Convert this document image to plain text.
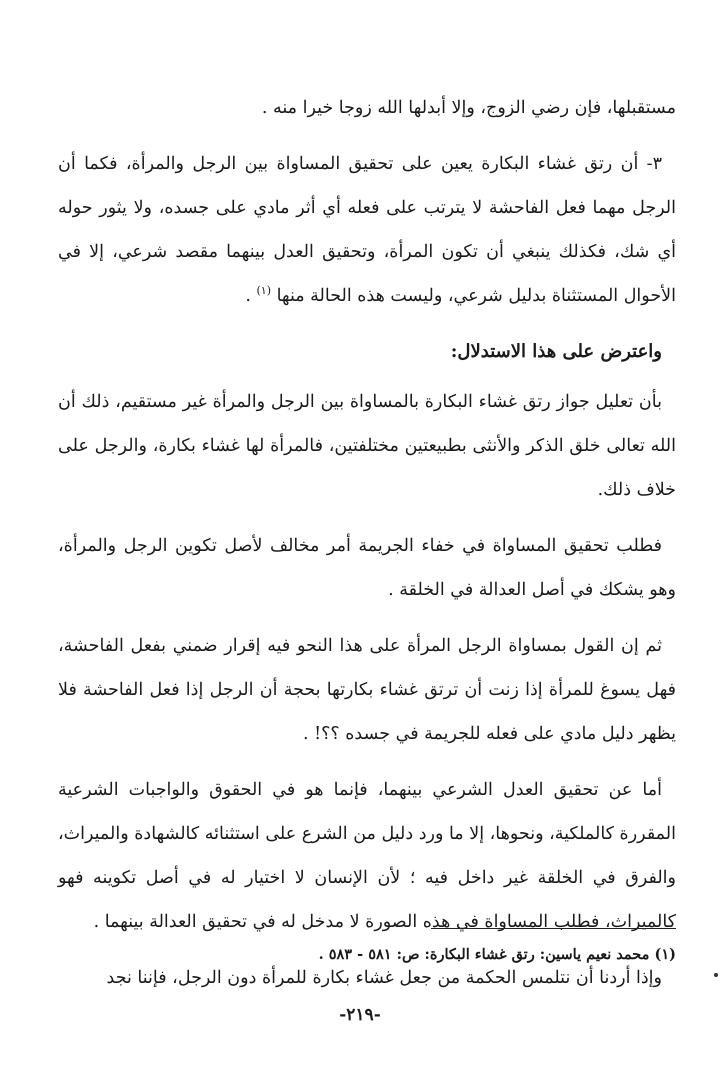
مستقبلها، فإن رضي الزوج، وإلا أبدلها الله زوجا خيرا منه .

٣- أن رتق غشاء البكارة يعين على تحقيق المساواة بين الرجل والمرأة، فكما أن الرجل مهما فعل الفاحشة لا يترتب على فعله أي أثر مادي على جسده، ولا يثور حوله أي شك، فكذلك ينبغي أن تكون المرأة، وتحقيق العدل بينهما مقصد شرعي، إلا في الأحوال المستثناة بدليل شرعي، وليست هذه الحالة منها $^{(١)}$ .

واعترض على هذا الاستدلال:

بأن تعليل جواز رتق غشاء البكارة بالمساواة بين الرجل والمرأة غير مستقيم، ذلك أن الله تعالى خلق الذكر والأنثى بطبيعتين مختلفتين، فالمرأة لها غشاء بكارة، والرجل على خلاف ذلك.

فطلب تحقيق المساواة في خفاء الجريمة أمر مخالف لأصل تكوين الرجل والمرأة، وهو يشكك في أصل العدالة في الخلقة .

ثم إن القول بمساواة الرجل المرأة على هذا النحو فيه إقرار ضمني بفعل الفاحشة، فهل يسوغ للمرأة إذا زنت أن ترتق غشاء بكارتها بحجة أن الرجل إذا فعل الفاحشة فلا يظهر دليل مادي على فعله للجريمة في جسده ؟؟! .

أما عن تحقيق العدل الشرعي بينهما، فإنما هو في الحقوق والواجبات الشرعية المقررة كالملكية، ونحوها، إلا ما ورد دليل من الشرع على استثنائه كالشهادة والميراث، والفرق في الخلقة غير داخل فيه ؛ لأن الإنسان لا اختيار له في أصل تكوينه فهو كالميراث، فطلب المساواة في هذه الصورة لا مدخل له في تحقيق العدالة بينهما .

وإذا أردنا أن نتلمس الحكمة من جعل غشاء بكارة للمرأة دون الرجل، فإننا نجد

(١) محمد نعيم ياسين: رتق غشاء البكارة: ص: ٥٨١ - ٥٨٣ .
-٢١٩-
